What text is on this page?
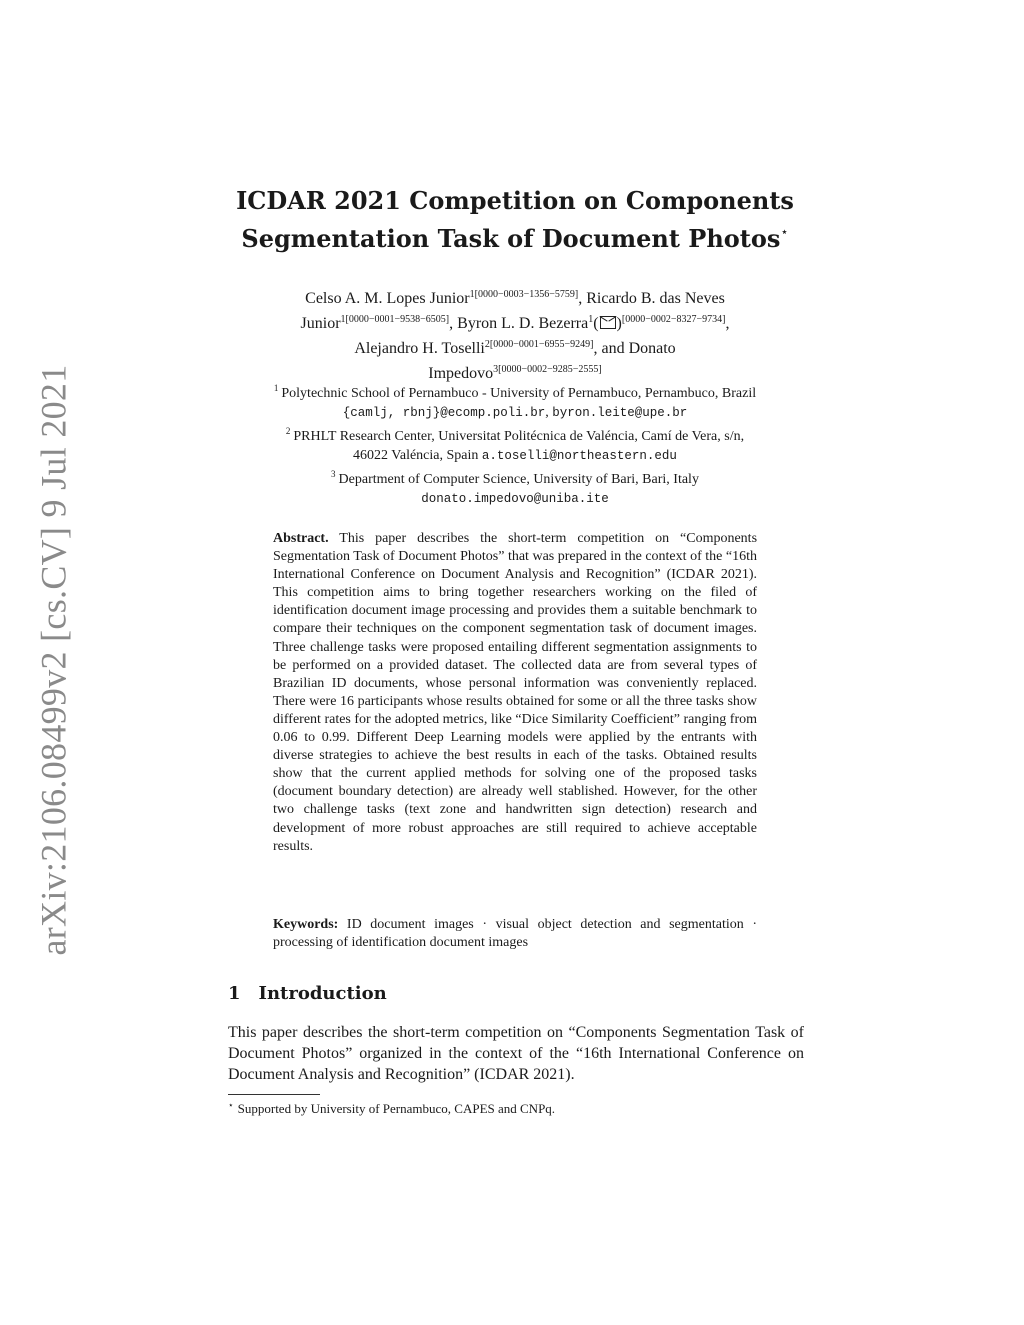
arXiv:2106.08499v2 [cs.CV] 9 Jul 2021
ICDAR 2021 Competition on Components
Segmentation Task of Document Photos⋆
Celso A. M. Lopes Junior$^{1[0000-0003-1356-5759]}$, Ricardo B. das Neves
Junior$^{1[0000-0001-9538-6505]}$, Byron L. D. Bezerra$^1$( )[0000−0002−8327−9734],
Alejandro H. Toselli$^{2[0000-0001-6955-9249]}$, and Donato
Impedovo$^{3[0000-0002-9285-2555]}$
$^1$ Polytechnic School of Pernambuco - University of Pernambuco, Pernambuco, Brazil
{camlj, rbnj}@ecomp.poli.br, byron.leite@upe.br
$^2$ PRHLT Research Center, Universitat Politécnica de Valéncia, Camí de Vera, s/n,
46022 Valéncia, Spain a.toselli@northeastern.edu
$^3$ Department of Computer Science, University of Bari, Bari, Italy
donato.impedovo@uniba.ite
Abstract. This paper describes the short-term competition on “Components Segmentation Task of Document Photos” that was prepared in the context of the “16th International Conference on Document Analysis and Recognition” (ICDAR 2021). This competition aims to bring together researchers working on the filed of identification document image processing and provides them a suitable benchmark to compare their techniques on the component segmentation task of document images. Three challenge tasks were proposed entailing different segmentation assignments to be performed on a provided dataset. The collected data are from several types of Brazilian ID documents, whose personal information was conveniently replaced. There were 16 participants whose results obtained for some or all the three tasks show different rates for the adopted metrics, like “Dice Similarity Coefficient” ranging from 0.06 to 0.99. Different Deep Learning models were applied by the entrants with diverse strategies to achieve the best results in each of the tasks. Obtained results show that the current applied methods for solving one of the proposed tasks (document boundary detection) are already well stablished. However, for the other two challenge tasks (text zone and handwritten sign detection) research and development of more robust approaches are still required to achieve acceptable results.
Keywords: ID document images · visual object detection and segmentation · processing of identification document images
1 Introduction
This paper describes the short-term competition on “Components Segmentation Task of Document Photos” organized in the context of the “16th International Conference on Document Analysis and Recognition” (ICDAR 2021).
⋆ Supported by University of Pernambuco, CAPES and CNPq.
